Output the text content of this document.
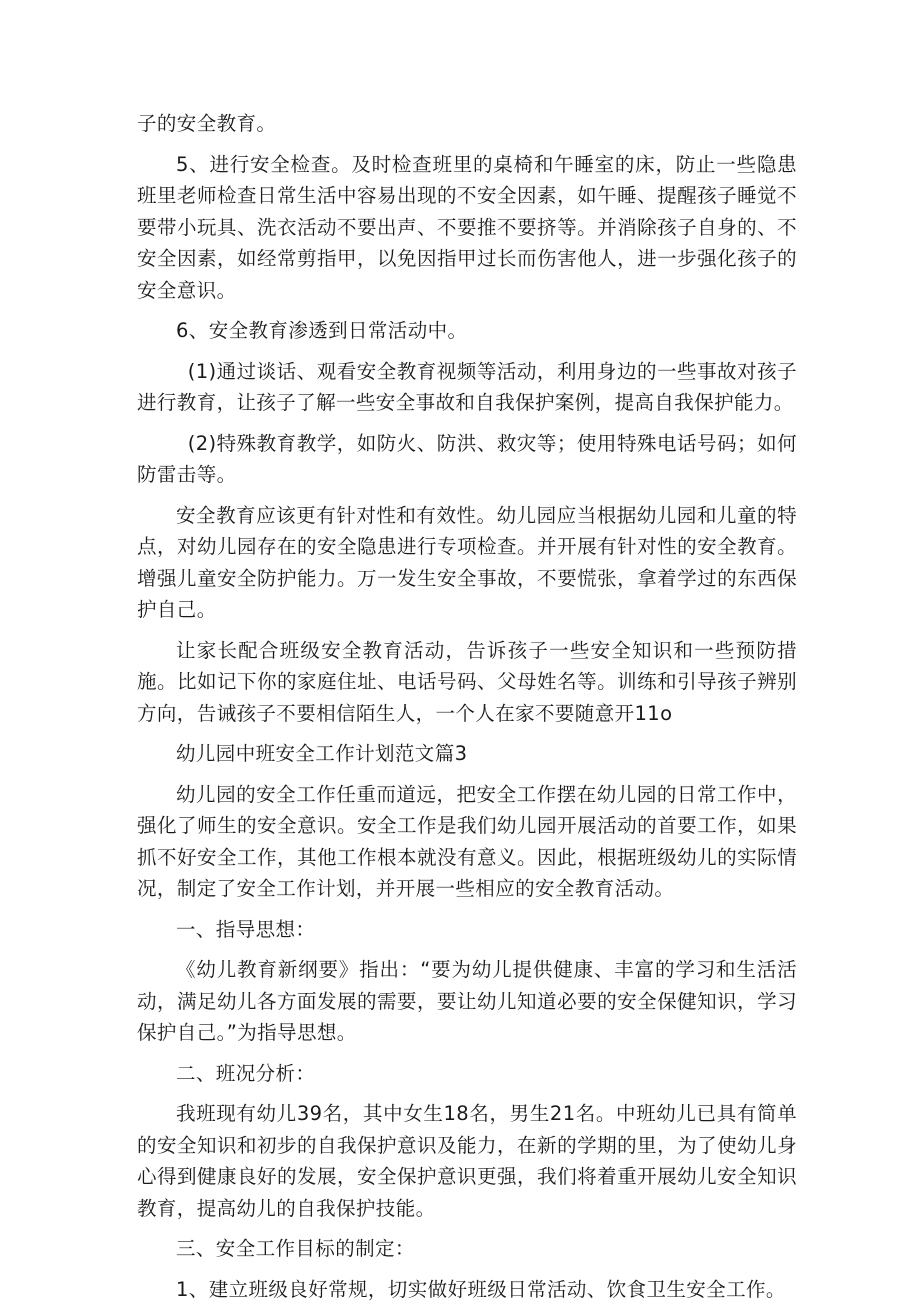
子的安全教育。

5、进行安全检查。及时检查班里的桌椅和午睡室的床，防止一些隐患班里老师检查日常生活中容易出现的不安全因素，如午睡、提醒孩子睡觉不要带小玩具、洗衣活动不要出声、不要推不要挤等。并消除孩子自身的、不安全因素，如经常剪指甲，以免因指甲过长而伤害他人，进一步强化孩子的安全意识。

6、安全教育渗透到日常活动中。

(1)通过谈话、观看安全教育视频等活动，利用身边的一些事故对孩子进行教育，让孩子了解一些安全事故和自我保护案例，提高自我保护能力。

(2)特殊教育教学，如防火、防洪、救灾等；使用特殊电话号码；如何防雷击等。

安全教育应该更有针对性和有效性。幼儿园应当根据幼儿园和儿童的特点，对幼儿园存在的安全隐患进行专项检查。并开展有针对性的安全教育。增强儿童安全防护能力。万一发生安全事故，不要慌张，拿着学过的东西保护自己。

让家长配合班级安全教育活动，告诉孩子一些安全知识和一些预防措施。比如记下你的家庭住址、电话号码、父母姓名等。训练和引导孩子辨别方向，告诫孩子不要相信陌生人，一个人在家不要随意开11o

幼儿园中班安全工作计划范文篇3

幼儿园的安全工作任重而道远，把安全工作摆在幼儿园的日常工作中，强化了师生的安全意识。安全工作是我们幼儿园开展活动的首要工作，如果抓不好安全工作，其他工作根本就没有意义。因此，根据班级幼儿的实际情况，制定了安全工作计划，并开展一些相应的安全教育活动。

一、指导思想：

《幼儿教育新纲要》指出：“要为幼儿提供健康、丰富的学习和生活活动，满足幼儿各方面发展的需要，要让幼儿知道必要的安全保健知识，学习保护自己。”为指导思想。

二、班况分析：

我班现有幼儿39名，其中女生18名，男生21名。中班幼儿已具有简单的安全知识和初步的自我保护意识及能力，在新的学期的里，为了使幼儿身心得到健康良好的发展，安全保护意识更强，我们将着重开展幼儿安全知识教育，提高幼儿的自我保护技能。

三、安全工作目标的制定：

1、建立班级良好常规，切实做好班级日常活动、饮食卫生安全工作。
